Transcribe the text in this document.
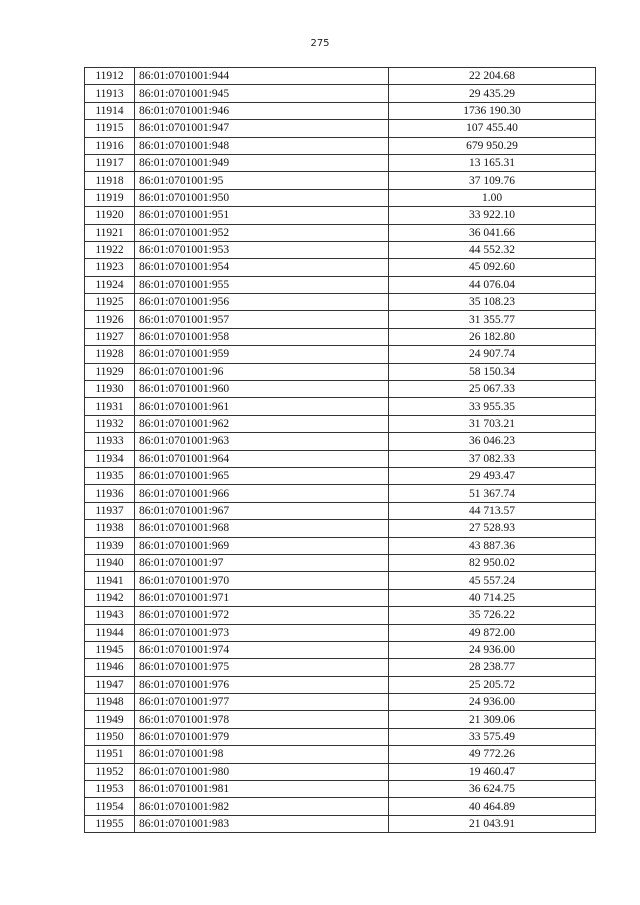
275
11912	86:01:0701001:944	22 204.68
11913	86:01:0701001:945	29 435.29
11914	86:01:0701001:946	1736 190.30
11915	86:01:0701001:947	107 455.40
11916	86:01:0701001:948	679 950.29
11917	86:01:0701001:949	13 165.31
11918	86:01:0701001:95	37 109.76
11919	86:01:0701001:950	1.00
11920	86:01:0701001:951	33 922.10
11921	86:01:0701001:952	36 041.66
11922	86:01:0701001:953	44 552.32
11923	86:01:0701001:954	45 092.60
11924	86:01:0701001:955	44 076.04
11925	86:01:0701001:956	35 108.23
11926	86:01:0701001:957	31 355.77
11927	86:01:0701001:958	26 182.80
11928	86:01:0701001:959	24 907.74
11929	86:01:0701001:96	58 150.34
11930	86:01:0701001:960	25 067.33
11931	86:01:0701001:961	33 955.35
11932	86:01:0701001:962	31 703.21
11933	86:01:0701001:963	36 046.23
11934	86:01:0701001:964	37 082.33
11935	86:01:0701001:965	29 493.47
11936	86:01:0701001:966	51 367.74
11937	86:01:0701001:967	44 713.57
11938	86:01:0701001:968	27 528.93
11939	86:01:0701001:969	43 887.36
11940	86:01:0701001:97	82 950.02
11941	86:01:0701001:970	45 557.24
11942	86:01:0701001:971	40 714.25
11943	86:01:0701001:972	35 726.22
11944	86:01:0701001:973	49 872.00
11945	86:01:0701001:974	24 936.00
11946	86:01:0701001:975	28 238.77
11947	86:01:0701001:976	25 205.72
11948	86:01:0701001:977	24 936.00
11949	86:01:0701001:978	21 309.06
11950	86:01:0701001:979	33 575.49
11951	86:01:0701001:98	49 772.26
11952	86:01:0701001:980	19 460.47
11953	86:01:0701001:981	36 624.75
11954	86:01:0701001:982	40 464.89
11955	86:01:0701001:983	21 043.91
